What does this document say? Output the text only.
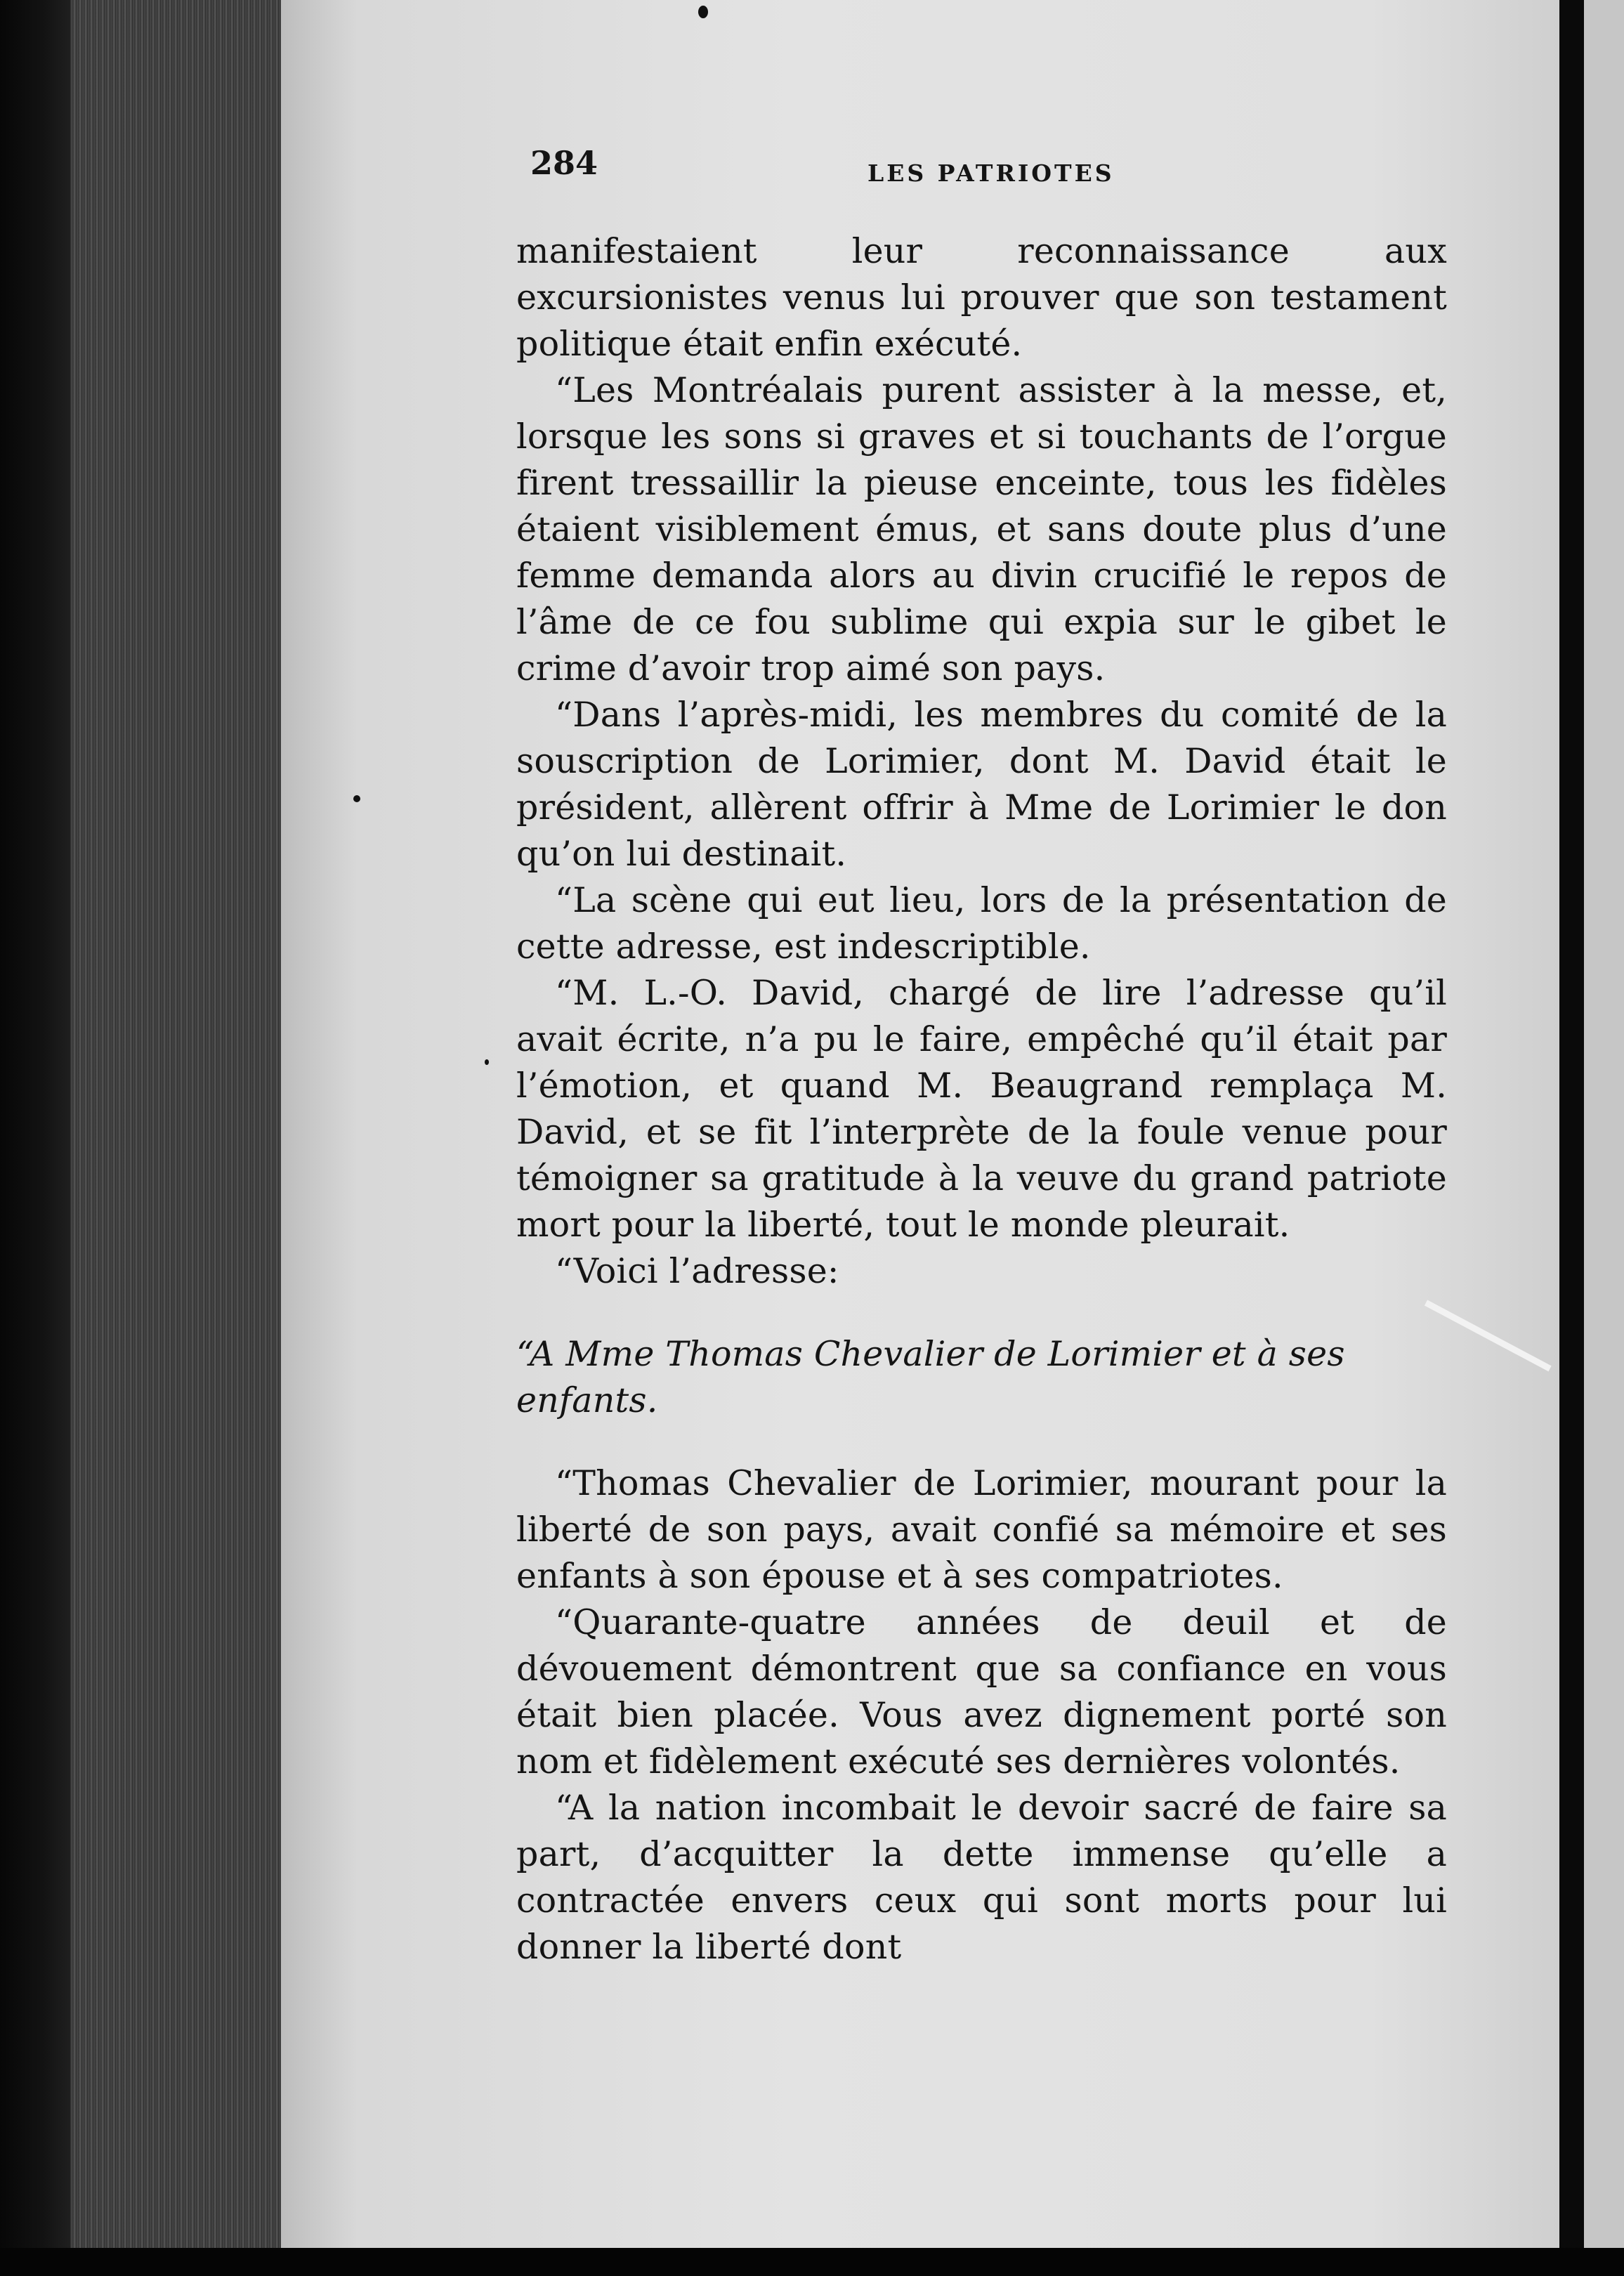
284	LES PATRIOTES

manifestaient leur reconnaissance aux excursionistes venus lui prouver que son testament politique était enfin exécuté.

“Les Montréalais purent assister à la messe, et, lorsque les sons si graves et si touchants de l’orgue firent tressaillir la pieuse enceinte, tous les fidèles étaient visiblement émus, et sans doute plus d’une femme demanda alors au divin crucifié le repos de l’âme de ce fou sublime qui expia sur le gibet le crime d’avoir trop aimé son pays.

“Dans l’après-midi, les membres du comité de la souscription de Lorimier, dont M. David était le président, allèrent offrir à Mme de Lorimier le don qu’on lui destinait.

“La scène qui eut lieu, lors de la présentation de cette adresse, est indescriptible.

“M. L.-O. David, chargé de lire l’adresse qu’il avait écrite, n’a pu le faire, empêché qu’il était par l’émotion, et quand M. Beaugrand remplaça M. David, et se fit l’interprète de la foule venue pour témoigner sa gratitude à la veuve du grand patriote mort pour la liberté, tout le monde pleurait.

“Voici l’adresse:

“A Mme Thomas Chevalier de Lorimier et à ses enfants.

“Thomas Chevalier de Lorimier, mourant pour la liberté de son pays, avait confié sa mémoire et ses enfants à son épouse et à ses compatriotes.

“Quarante-quatre années de deuil et de dévouement démontrent que sa confiance en vous était bien placée. Vous avez dignement porté son nom et fidèlement exécuté ses dernières volontés.

“A la nation incombait le devoir sacré de faire sa part, d’acquitter la dette immense qu’elle a contractée envers ceux qui sont morts pour lui donner la liberté dont
